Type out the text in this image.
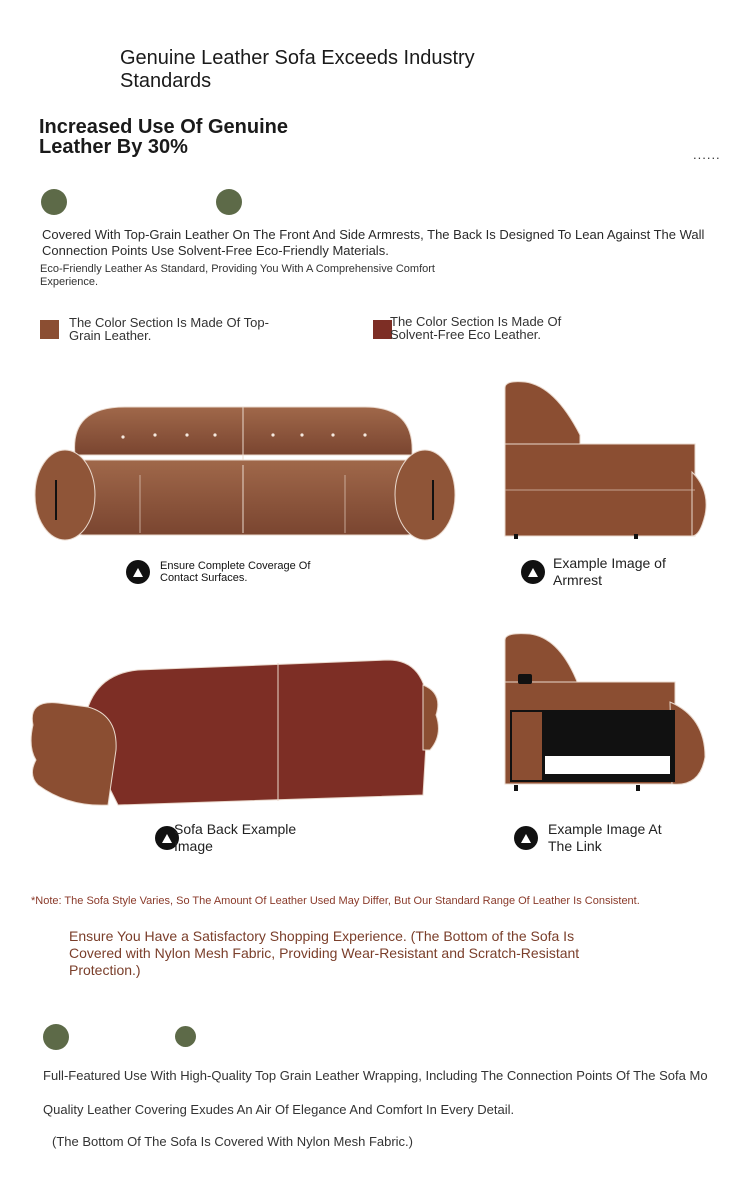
Genuine Leather Sofa Exceeds Industry Standards
Increased Use Of Genuine Leather By 30%	......
Covered With Top-Grain Leather On The Front And Side Armrests, The Back Is Designed To Lean Against The Wall Connection Points Use Solvent-Free Eco-Friendly Materials.
Eco-Friendly Leather As Standard, Providing You With A Comprehensive Comfort Experience.
The Color Section Is Made Of Top-Grain Leather.
The Color Section Is Made Of Solvent-Free Eco Leather.
Ensure Complete Coverage Of Contact Surfaces.
Example Image of Armrest
Sofa Back Example Image
Example Image At The Link
*Note: The Sofa Style Varies, So The Amount Of Leather Used May Differ, But Our Standard Range Of Leather Is Consistent.
Ensure You Have a Satisfactory Shopping Experience. (The Bottom of the Sofa Is Covered with Nylon Mesh Fabric, Providing Wear-Resistant and Scratch-Resistant Protection.)
Full-Featured Use With High-Quality Top Grain Leather Wrapping, Including The Connection Points Of The Sofa Mo
Quality Leather Covering Exudes An Air Of Elegance And Comfort In Every Detail.
(The Bottom Of The Sofa Is Covered With Nylon Mesh Fabric.)
